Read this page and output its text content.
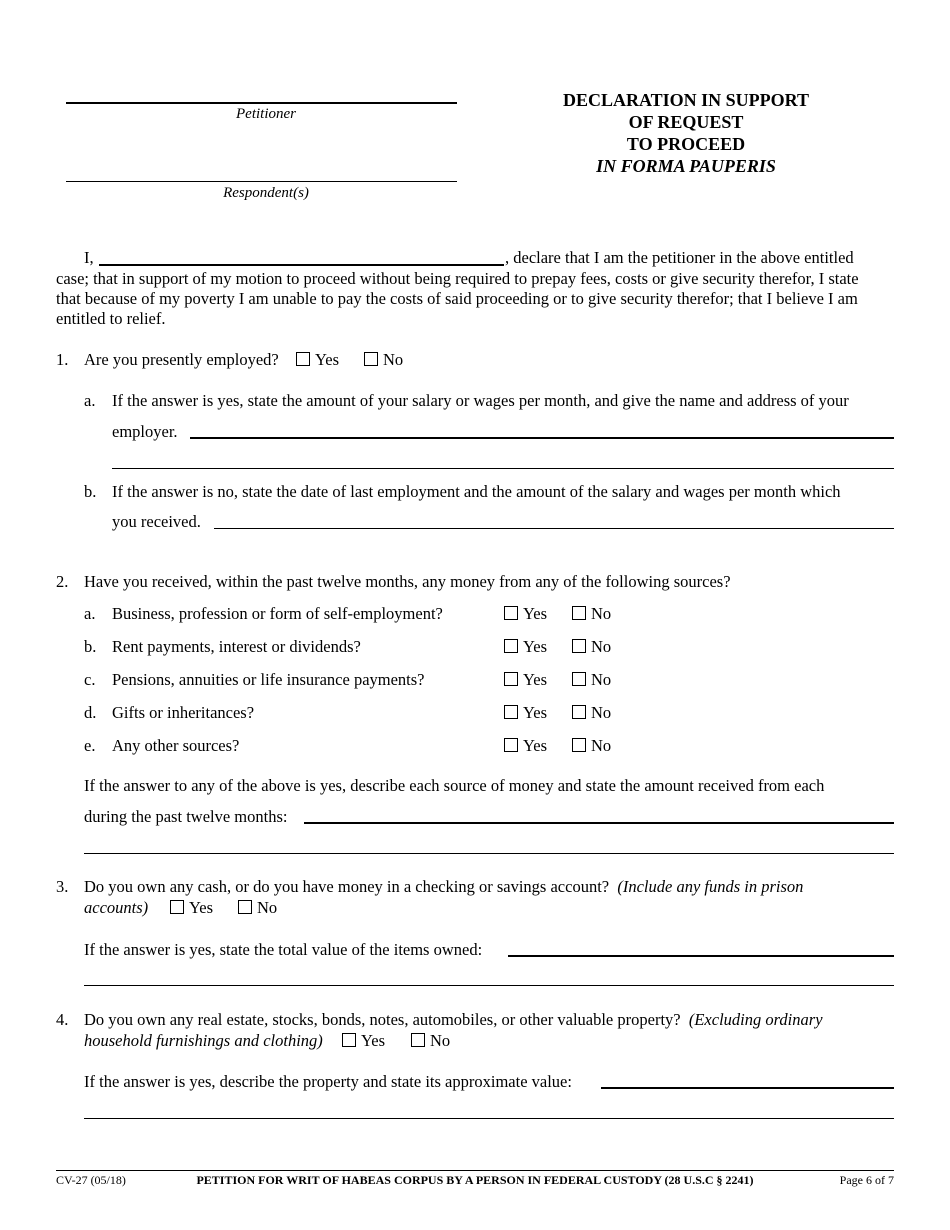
Petitioner
Respondent(s)
DECLARATION IN SUPPORT
OF REQUEST
TO PROCEED
IN FORMA PAUPERIS
I,	, declare that I am the petitioner in the above entitled
case; that in support of my motion to proceed without being required to prepay fees, costs or give security therefor, I state
that because of my poverty I am unable to pay the costs of said proceeding or to give security therefor; that I believe I am
entitled to relief.
1. Are you presently employed?	Yes	No
a. If the answer is yes, state the amount of your salary or wages per month, and give the name and address of your
employer.
b. If the answer is no, state the date of last employment and the amount of the salary and wages per month which
you received.
2. Have you received, within the past twelve months, any money from any of the following sources?
a. Business, profession or form of self-employment?	Yes	No
b. Rent payments, interest or dividends?	Yes	No
c. Pensions, annuities or life insurance payments?	Yes	No
d. Gifts or inheritances?	Yes	No
e. Any other sources?	Yes	No
If the answer to any of the above is yes, describe each source of money and state the amount received from each
during the past twelve months:
3. Do you own any cash, or do you have money in a checking or savings account? (Include any funds in prison
accounts)	Yes	No
If the answer is yes, state the total value of the items owned:
4. Do you own any real estate, stocks, bonds, notes, automobiles, or other valuable property? (Excluding ordinary
household furnishings and clothing)	Yes	No
If the answer is yes, describe the property and state its approximate value:
CV-27 (05/18)	PETITION FOR WRIT OF HABEAS CORPUS BY A PERSON IN FEDERAL CUSTODY (28 U.S.C § 2241)	Page 6 of 7
